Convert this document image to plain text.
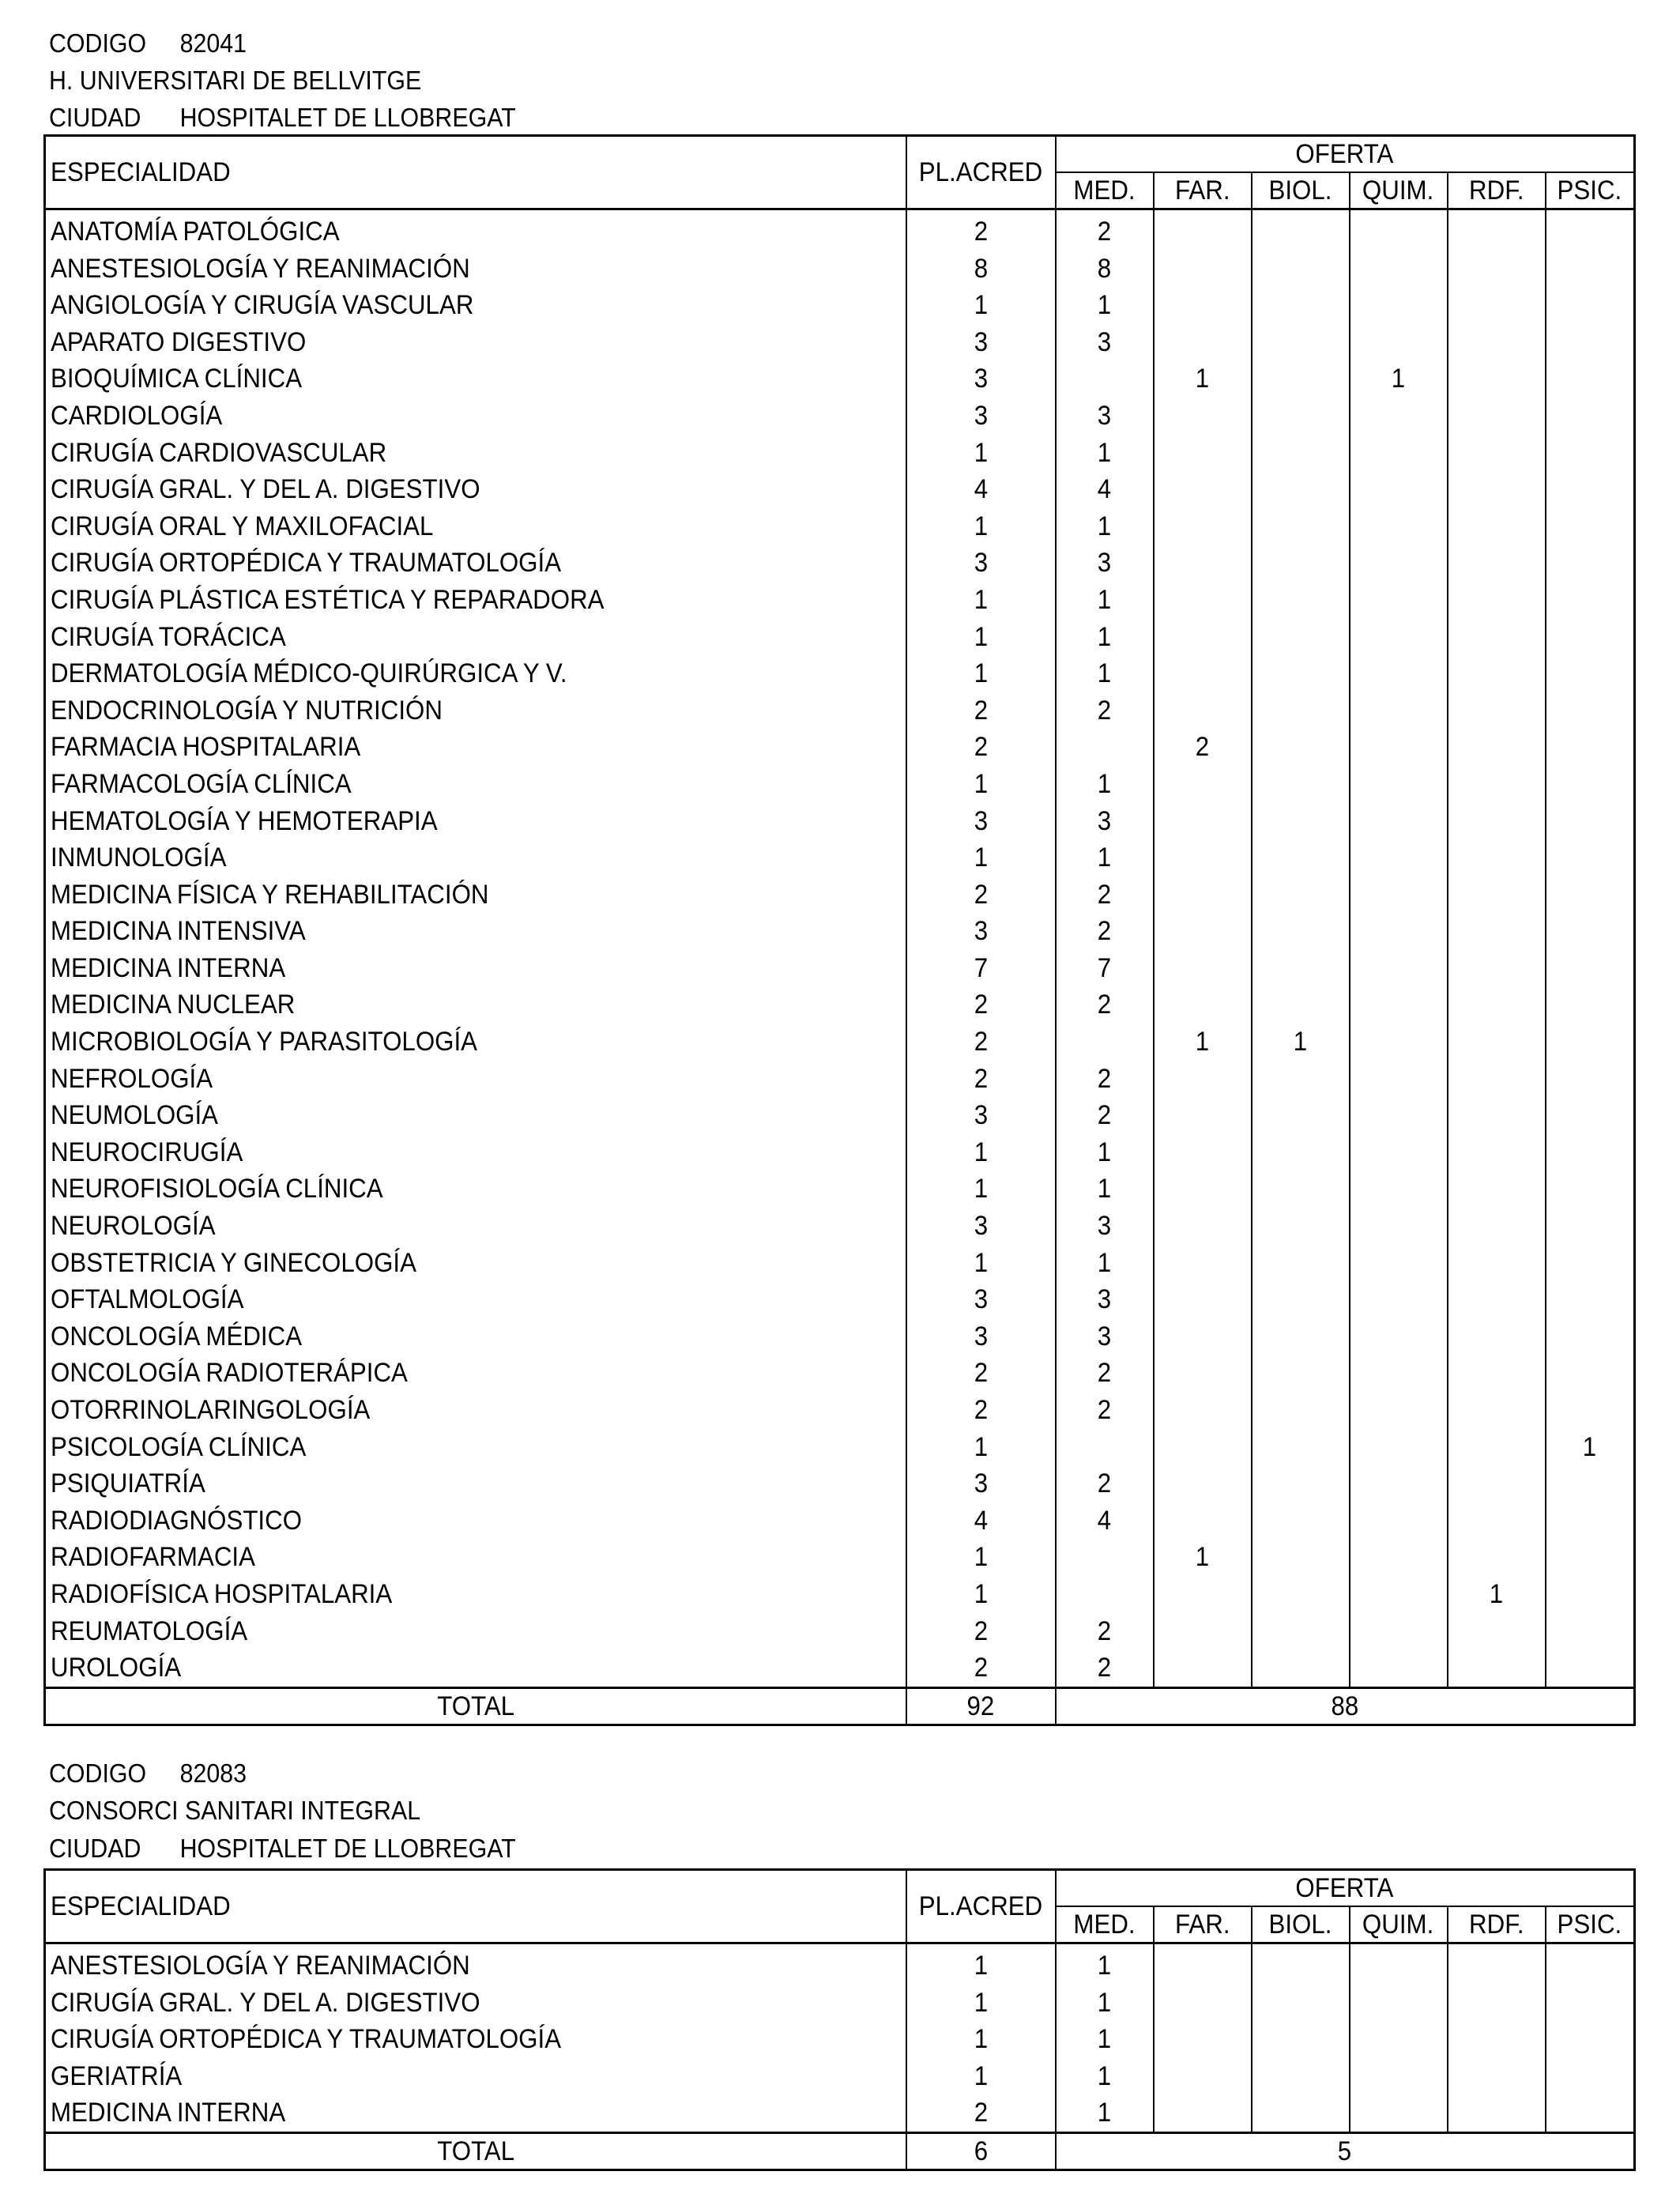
CODIGO 82041
H. UNIVERSITARI DE BELLVITGE
CIUDAD HOSPITALET DE LLOBREGAT
ESPECIALIDAD	PL.ACRED	OFERTA					
		MED.	FAR.	BIOL.	QUIM.	RDF.	PSIC.
ANATOMÍA PATOLÓGICA	2	2					
ANESTESIOLOGÍA Y REANIMACIÓN	8	8					
ANGIOLOGÍA Y CIRUGÍA VASCULAR	1	1					
APARATO DIGESTIVO	3	3					
BIOQUÍMICA CLÍNICA	3		1		1		
CARDIOLOGÍA	3	3					
CIRUGÍA CARDIOVASCULAR	1	1					
CIRUGÍA GRAL. Y DEL A. DIGESTIVO	4	4					
CIRUGÍA ORAL Y MAXILOFACIAL	1	1					
CIRUGÍA ORTOPÉDICA Y TRAUMATOLOGÍA	3	3					
CIRUGÍA PLÁSTICA ESTÉTICA Y REPARADORA	1	1					
CIRUGÍA TORÁCICA	1	1					
DERMATOLOGÍA MÉDICO-QUIRÚRGICA Y V.	1	1					
ENDOCRINOLOGÍA Y NUTRICIÓN	2	2					
FARMACIA HOSPITALARIA	2		2				
FARMACOLOGÍA CLÍNICA	1	1					
HEMATOLOGÍA Y HEMOTERAPIA	3	3					
INMUNOLOGÍA	1	1					
MEDICINA FÍSICA Y REHABILITACIÓN	2	2					
MEDICINA INTENSIVA	3	2					
MEDICINA INTERNA	7	7					
MEDICINA NUCLEAR	2	2					
MICROBIOLOGÍA Y PARASITOLOGÍA	2		1	1			
NEFROLOGÍA	2	2					
NEUMOLOGÍA	3	2					
NEUROCIRUGÍA	1	1					
NEUROFISIOLOGÍA CLÍNICA	1	1					
NEUROLOGÍA	3	3					
OBSTETRICIA Y GINECOLOGÍA	1	1					
OFTALMOLOGÍA	3	3					
ONCOLOGÍA MÉDICA	3	3					
ONCOLOGÍA RADIOTERÁPICA	2	2					
OTORRINOLARINGOLOGÍA	2	2					
PSICOLOGÍA CLÍNICA	1						1
PSIQUIATRÍA	3	2					
RADIODIAGNÓSTICO	4	4					
RADIOFARMACIA	1		1				
RADIOFÍSICA HOSPITALARIA	1					1	
REUMATOLOGÍA	2	2					
UROLOGÍA	2	2					
TOTAL	92	88					
CODIGO 82083
CONSORCI SANITARI INTEGRAL
CIUDAD HOSPITALET DE LLOBREGAT
ESPECIALIDAD	PL.ACRED	OFERTA					
		MED.	FAR.	BIOL.	QUIM.	RDF.	PSIC.
ANESTESIOLOGÍA Y REANIMACIÓN	1	1					
CIRUGÍA GRAL. Y DEL A. DIGESTIVO	1	1					
CIRUGÍA ORTOPÉDICA Y TRAUMATOLOGÍA	1	1					
GERIATRÍA	1	1					
MEDICINA INTERNA	2	1					
TOTAL	6	5					
